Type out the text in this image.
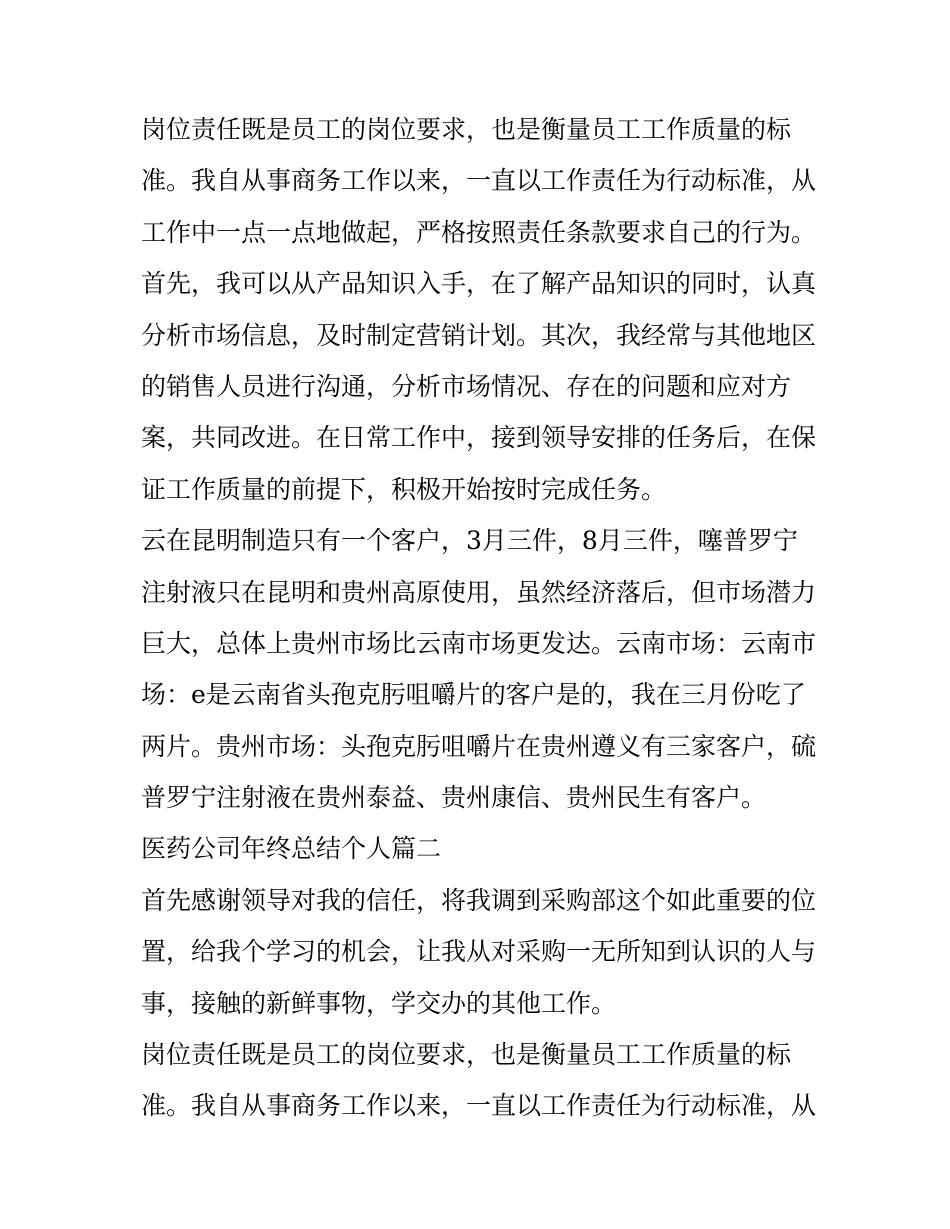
岗位责任既是员工的岗位要求，也是衡量员工工作质量的标
准。我自从事商务工作以来，一直以工作责任为行动标准，从
工作中一点一点地做起，严格按照责任条款要求自己的行为。
首先，我可以从产品知识入手，在了解产品知识的同时，认真
分析市场信息，及时制定营销计划。其次，我经常与其他地区
的销售人员进行沟通，分析市场情况、存在的问题和应对方
案，共同改进。在日常工作中，接到领导安排的任务后，在保
证工作质量的前提下，积极开始按时完成任务。
云在昆明制造只有一个客户，3月三件，8月三件，噻普罗宁
注射液只在昆明和贵州高原使用，虽然经济落后，但市场潜力
巨大，总体上贵州市场比云南市场更发达。云南市场：云南市
场：e是云南省头孢克肟咀嚼片的客户是的，我在三月份吃了
两片。贵州市场：头孢克肟咀嚼片在贵州遵义有三家客户，硫
普罗宁注射液在贵州泰益、贵州康信、贵州民生有客户。
医药公司年终总结个人篇二
首先感谢领导对我的信任，将我调到采购部这个如此重要的位
置，给我个学习的机会，让我从对采购一无所知到认识的人与
事，接触的新鲜事物，学交办的其他工作。
岗位责任既是员工的岗位要求，也是衡量员工工作质量的标
准。我自从事商务工作以来，一直以工作责任为行动标准，从
